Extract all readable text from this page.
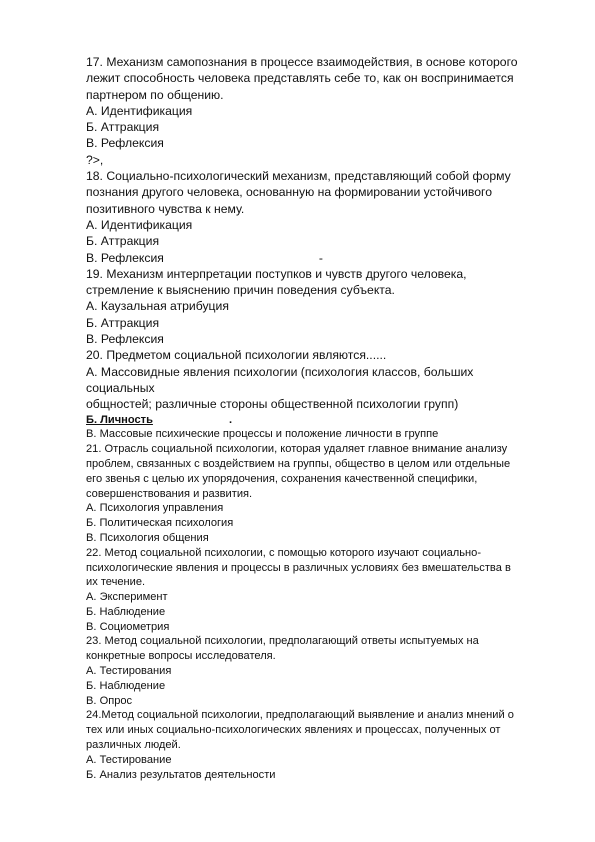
17. Механизм самопознания в процессе взаимодействия, в основе которого

лежит способность человека представлять себе то, как он воспринимается

партнером по общению.

А. Идентификация

Б. Аттракция

В. Рефлексия

?>,

18. Социально-психологический механизм, представляющий собой форму

познания другого человека, основанную на формировании устойчивого

позитивного чувства к нему.

А. Идентификация

Б. Аттракция

В. Рефлексия	-

19. Механизм интерпретации поступков и чувств другого человека,

стремление к выяснению причин поведения субъекта.

А. Каузальная атрибуция

Б. Аттракция

В. Рефлексия

20. Предметом социальной психологии являются......

А. Массовидные явления психологии (психология классов, больших

социальных

общностей; различные стороны общественной психологии групп)

Б. Личность	.

В. Массовые психические процессы и положение личности в группе

21. Отрасль социальной психологии, которая удаляет главное внимание анализу

проблем, связанных с воздействием на группы, общество в целом или отдельные

его звенья с целью их упорядочения, сохранения качественной специфики,

совершенствования и развития.

А. Психология управления

Б. Политическая психология

В. Психология общения

22. Метод социальной психологии, с помощью которого изучают социально-

психологические явления и процессы в различных условиях без вмешательства в

их течение.

А. Эксперимент

Б. Наблюдение

В. Социометрия

23. Метод социальной психологии, предполагающий ответы испытуемых на

конкретные вопросы исследователя.

А. Тестирования

Б. Наблюдение

В. Опрос

24.Метод социальной психологии, предполагающий выявление и анализ мнений о

тех или иных социально-психологических явлениях и процессах, полученных от

различных людей.

А. Тестирование

Б. Анализ результатов деятельности
